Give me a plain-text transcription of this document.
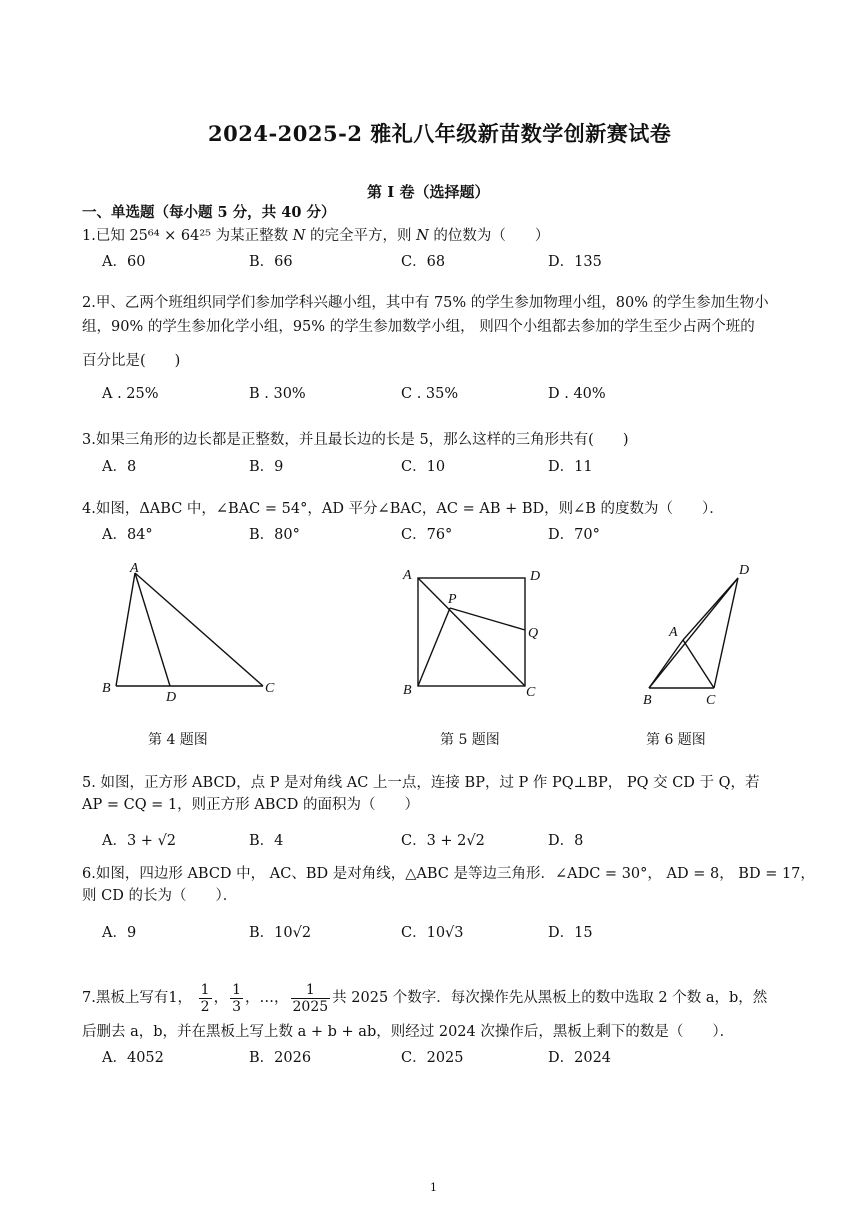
2024-2025-2 雅礼八年级新苗数学创新赛试卷
第 I 卷（选择题）
一、单选题（每小题 5 分，共 40 分）
1.已知 25⁶⁴ × 64²⁵ 为某正整数 N 的完全平方，则 N 的位数为（　　）
A．60	B．66	C．68	D．135
2.甲、乙两个班组织同学们参加学科兴趣小组，其中有 75% 的学生参加物理小组，80% 的学生参加生物小
组，90% 的学生参加化学小组，95% 的学生参加数学小组， 则四个小组都去参加的学生至少占两个班的
百分比是(　　)
A . 25%	B . 30%	C . 35%	D . 40%
3.如果三角形的边长都是正整数，并且最长边的长是 5，那么这样的三角形共有(　　)
A．8	B．9	C．10	D．11
4.如图，ΔABC 中，∠BAC = 54°，AD 平分∠BAC，AC = AB + BD，则∠B 的度数为（　　）．
A．84°	B．80°	C．76°	D．70°
A
B
D
C
第 4 题图
A	D
P
Q
B	C
第 5 题图
D
A
B	C
第 6 题图
5. 如图，正方形 ABCD，点 P 是对角线 AC 上一点，连接 BP，过 P 作 PQ⊥BP， PQ 交 CD 于 Q，若
AP = CQ = 1，则正方形 ABCD 的面积为（　　）
A．3 + √2	B．4	C．3 + 2√2	D．8
6.如图，四边形 ABCD 中， AC、BD 是对角线，△ABC 是等边三角形．∠ADC = 30°， AD = 8， BD = 17，
则 CD 的长为（　　）．
A．9	B．10√2	C．10√3	D．15
7.黑板上写有1， $\frac{1}{2}$ ， $\frac{1}{3}$ ，…， $\frac{1}{2025}$ 共 2025 个数字．每次操作先从黑板上的数中选取 2 个数 a，b，然
后删去 a，b，并在黑板上写上数 a + b + ab，则经过 2024 次操作后，黑板上剩下的数是（　　）．
A．4052	B．2026	C．2025	D．2024
1
